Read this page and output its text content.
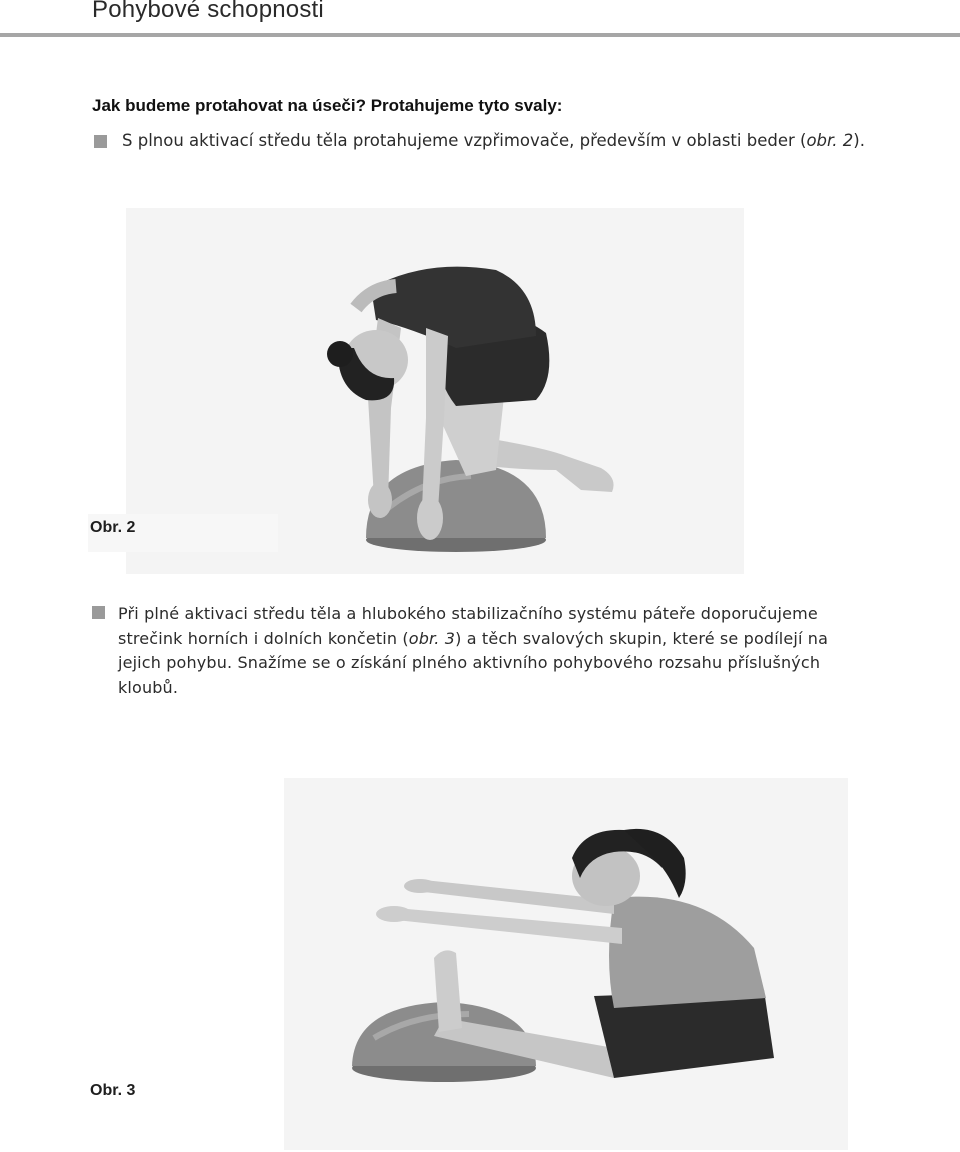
Pohybové schopnosti
Jak budeme protahovat na úseči? Protahujeme tyto svaly:
S plnou aktivací středu těla protahujeme vzpřimovače, především v oblasti beder (obr. 2).
Obr. 2
Při plné aktivaci středu těla a hlubokého stabilizačního systému páteře doporučujeme
strečink horních i dolních končetin (obr. 3) a těch svalových skupin, které se podílejí na
jejich pohybu. Snažíme se o získání plného aktivního pohybového rozsahu příslušných
kloubů.
Obr. 3
